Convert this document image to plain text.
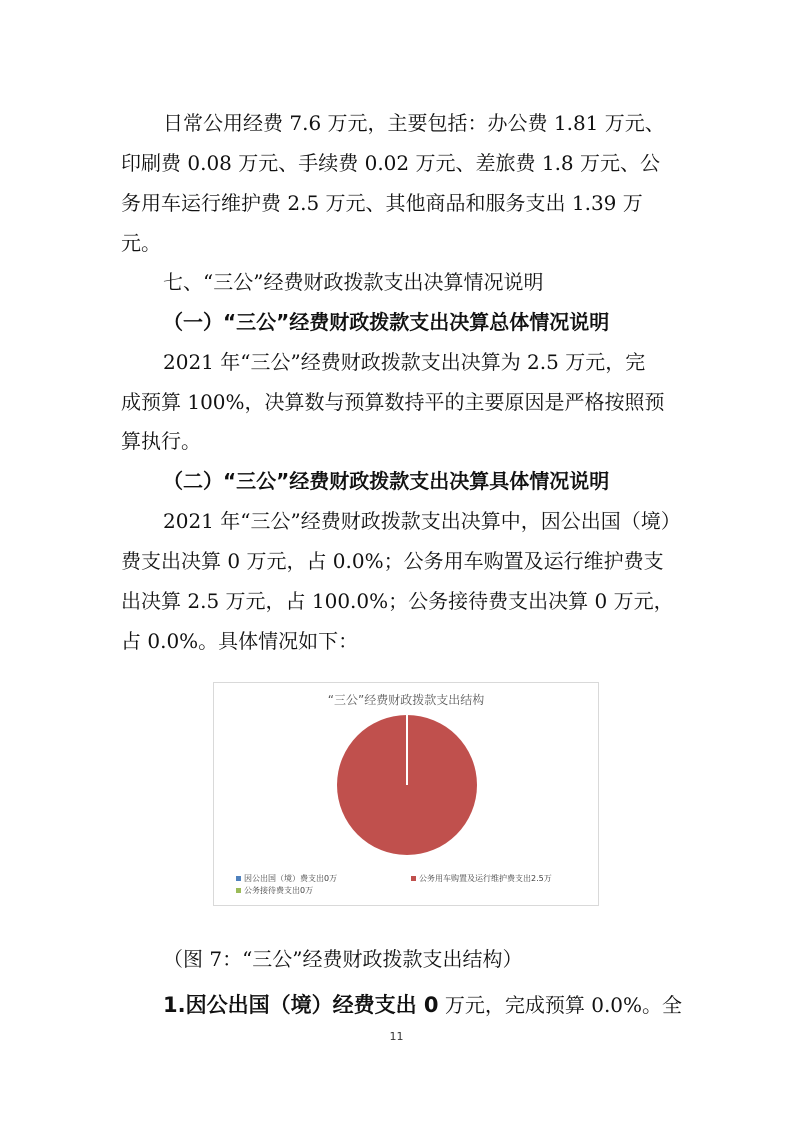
日常公用经费 7.6 万元，主要包括：办公费 1.81 万元、
印刷费 0.08 万元、手续费 0.02 万元、差旅费 1.8 万元、公
务用车运行维护费 2.5 万元、其他商品和服务支出 1.39 万
元。
七、“三公”经费财政拨款支出决算情况说明
（一）“三公”经费财政拨款支出决算总体情况说明
2021 年“三公”经费财政拨款支出决算为 2.5 万元，完
成预算 100%，决算数与预算数持平的主要原因是严格按照预
算执行。
（二）“三公”经费财政拨款支出决算具体情况说明
2021 年“三公”经费财政拨款支出决算中，因公出国（境）
费支出决算 0 万元，占 0.0%；公务用车购置及运行维护费支
出决算 2.5 万元，占 100.0%；公务接待费支出决算 0 万元，
占 0.0%。具体情况如下：
“三公”经费财政拨款支出结构
因公出国（境）费支出0万	公务用车购置及运行维护费支出2.5万
公务接待费支出0万
（图 7：“三公”经费财政拨款支出结构）
1.因公出国（境）经费支出 0 万元，完成预算 0.0%。全
11
